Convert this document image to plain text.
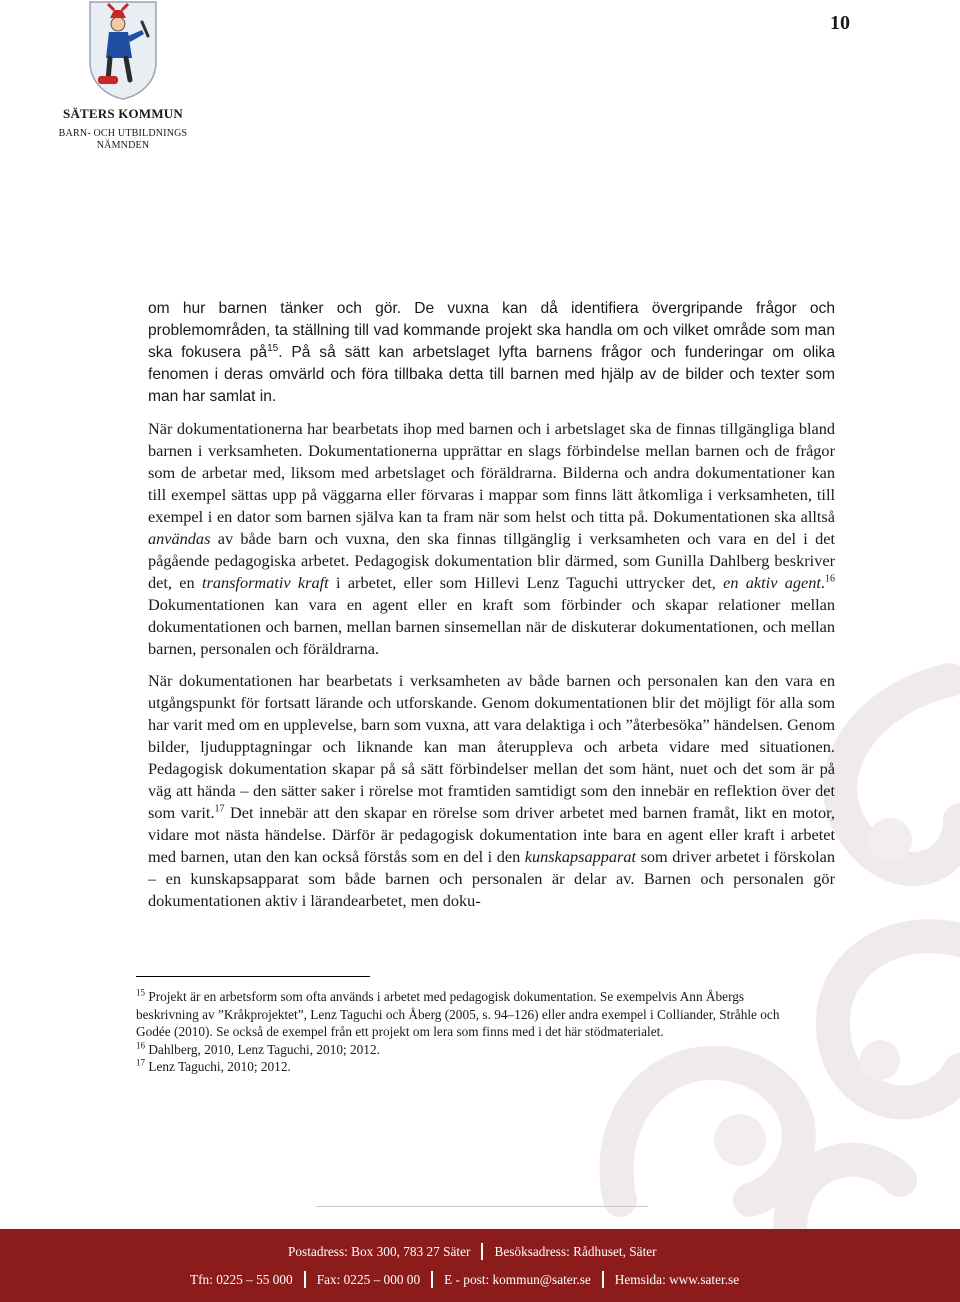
10
SÄTERS KOMMUN
BARN- OCH UTBILDNINGS
NÄMNDEN

om hur barnen tänker och gör. De vuxna kan då identifiera övergripande frågor och problemområden, ta ställning till vad kommande projekt ska handla om och vilket område som man ska fokusera $på^{15}$. På så sätt kan arbetslaget lyfta barnens frågor och funderingar om olika fenomen i deras omvärld och föra tillbaka detta till barnen med hjälp av de bilder och texter som man har samlat in.

När dokumentationerna har bearbetats ihop med barnen och i arbetslaget ska de finnas tillgängliga bland barnen i verksamheten. Dokumentationerna upprättar en slags förbindelse mellan barnen och de frågor som de arbetar med, liksom med arbetslaget och föräldrarna. Bilderna och andra dokumentationer kan till exempel sättas upp på väggarna eller förvaras i mappar som finns lätt åtkomliga i verksamheten, till exempel i en dator som barnen själva kan ta fram när som helst och titta på. Dokumentationen ska alltså användas av både barn och vuxna, den ska finnas tillgänglig i verksamheten och vara en del i det pågående pedagogiska arbetet. Pedagogisk dokumentation blir därmed, som Gunilla Dahlberg beskriver det, en transformativ kraft i arbetet, eller som Hillevi Lenz Taguchi uttrycker det, en aktiv agent.$^{16}$ Dokumentationen kan vara en agent eller en kraft som förbinder och skapar relationer mellan dokumentationen och barnen, mellan barnen sinsemellan när de diskuterar dokumentationen, och mellan barnen, personalen och föräldrarna.

När dokumentationen har bearbetats i verksamheten av både barnen och personalen kan den vara en utgångspunkt för fortsatt lärande och utforskande. Genom dokumentationen blir det möjligt för alla som har varit med om en upplevelse, barn som vuxna, att vara delaktiga i och ”återbesöka” händelsen. Genom bilder, ljudupptagningar och liknande kan man återuppleva och arbeta vidare med situationen. Pedagogisk dokumentation skapar på så sätt förbindelser mellan det som hänt, nuet och det som är på väg att hända – den sätter saker i rörelse mot framtiden samtidigt som den innebär en reflektion över det som varit.$^{17}$ Det innebär att den skapar en rörelse som driver arbetet med barnen framåt, likt en motor, vidare mot nästa händelse. Därför är pedagogisk dokumentation inte bara en agent eller kraft i arbetet med barnen, utan den kan också förstås som en del i den kunskapsapparat som driver arbetet i förskolan – en kunskapsapparat som både barnen och personalen är delar av. Barnen och personalen gör dokumentationen aktiv i lärandearbetet, men doku-

$^{15}$ Projekt är en arbetsform som ofta används i arbetet med pedagogisk dokumentation. Se exempelvis Ann Åbergs beskrivning av ”Kråkprojektet”, Lenz Taguchi och Åberg (2005, s. 94–126) eller andra exempel i Colliander, Stråhle och Godée (2010). Se också de exempel från ett projekt om lera som finns med i det här stödmaterialet.

$^{16}$ Dahlberg, 2010, Lenz Taguchi, 2010; 2012.

$^{17}$ Lenz Taguchi, 2010; 2012.

Postadress: Box 300, 783 27 Säter Besöksadress: Rådhuset, Säter
Tfn: 0225 – 55 000 Fax: 0225 – 000 00 E - post: kommun@sater.se Hemsida: www.sater.se
